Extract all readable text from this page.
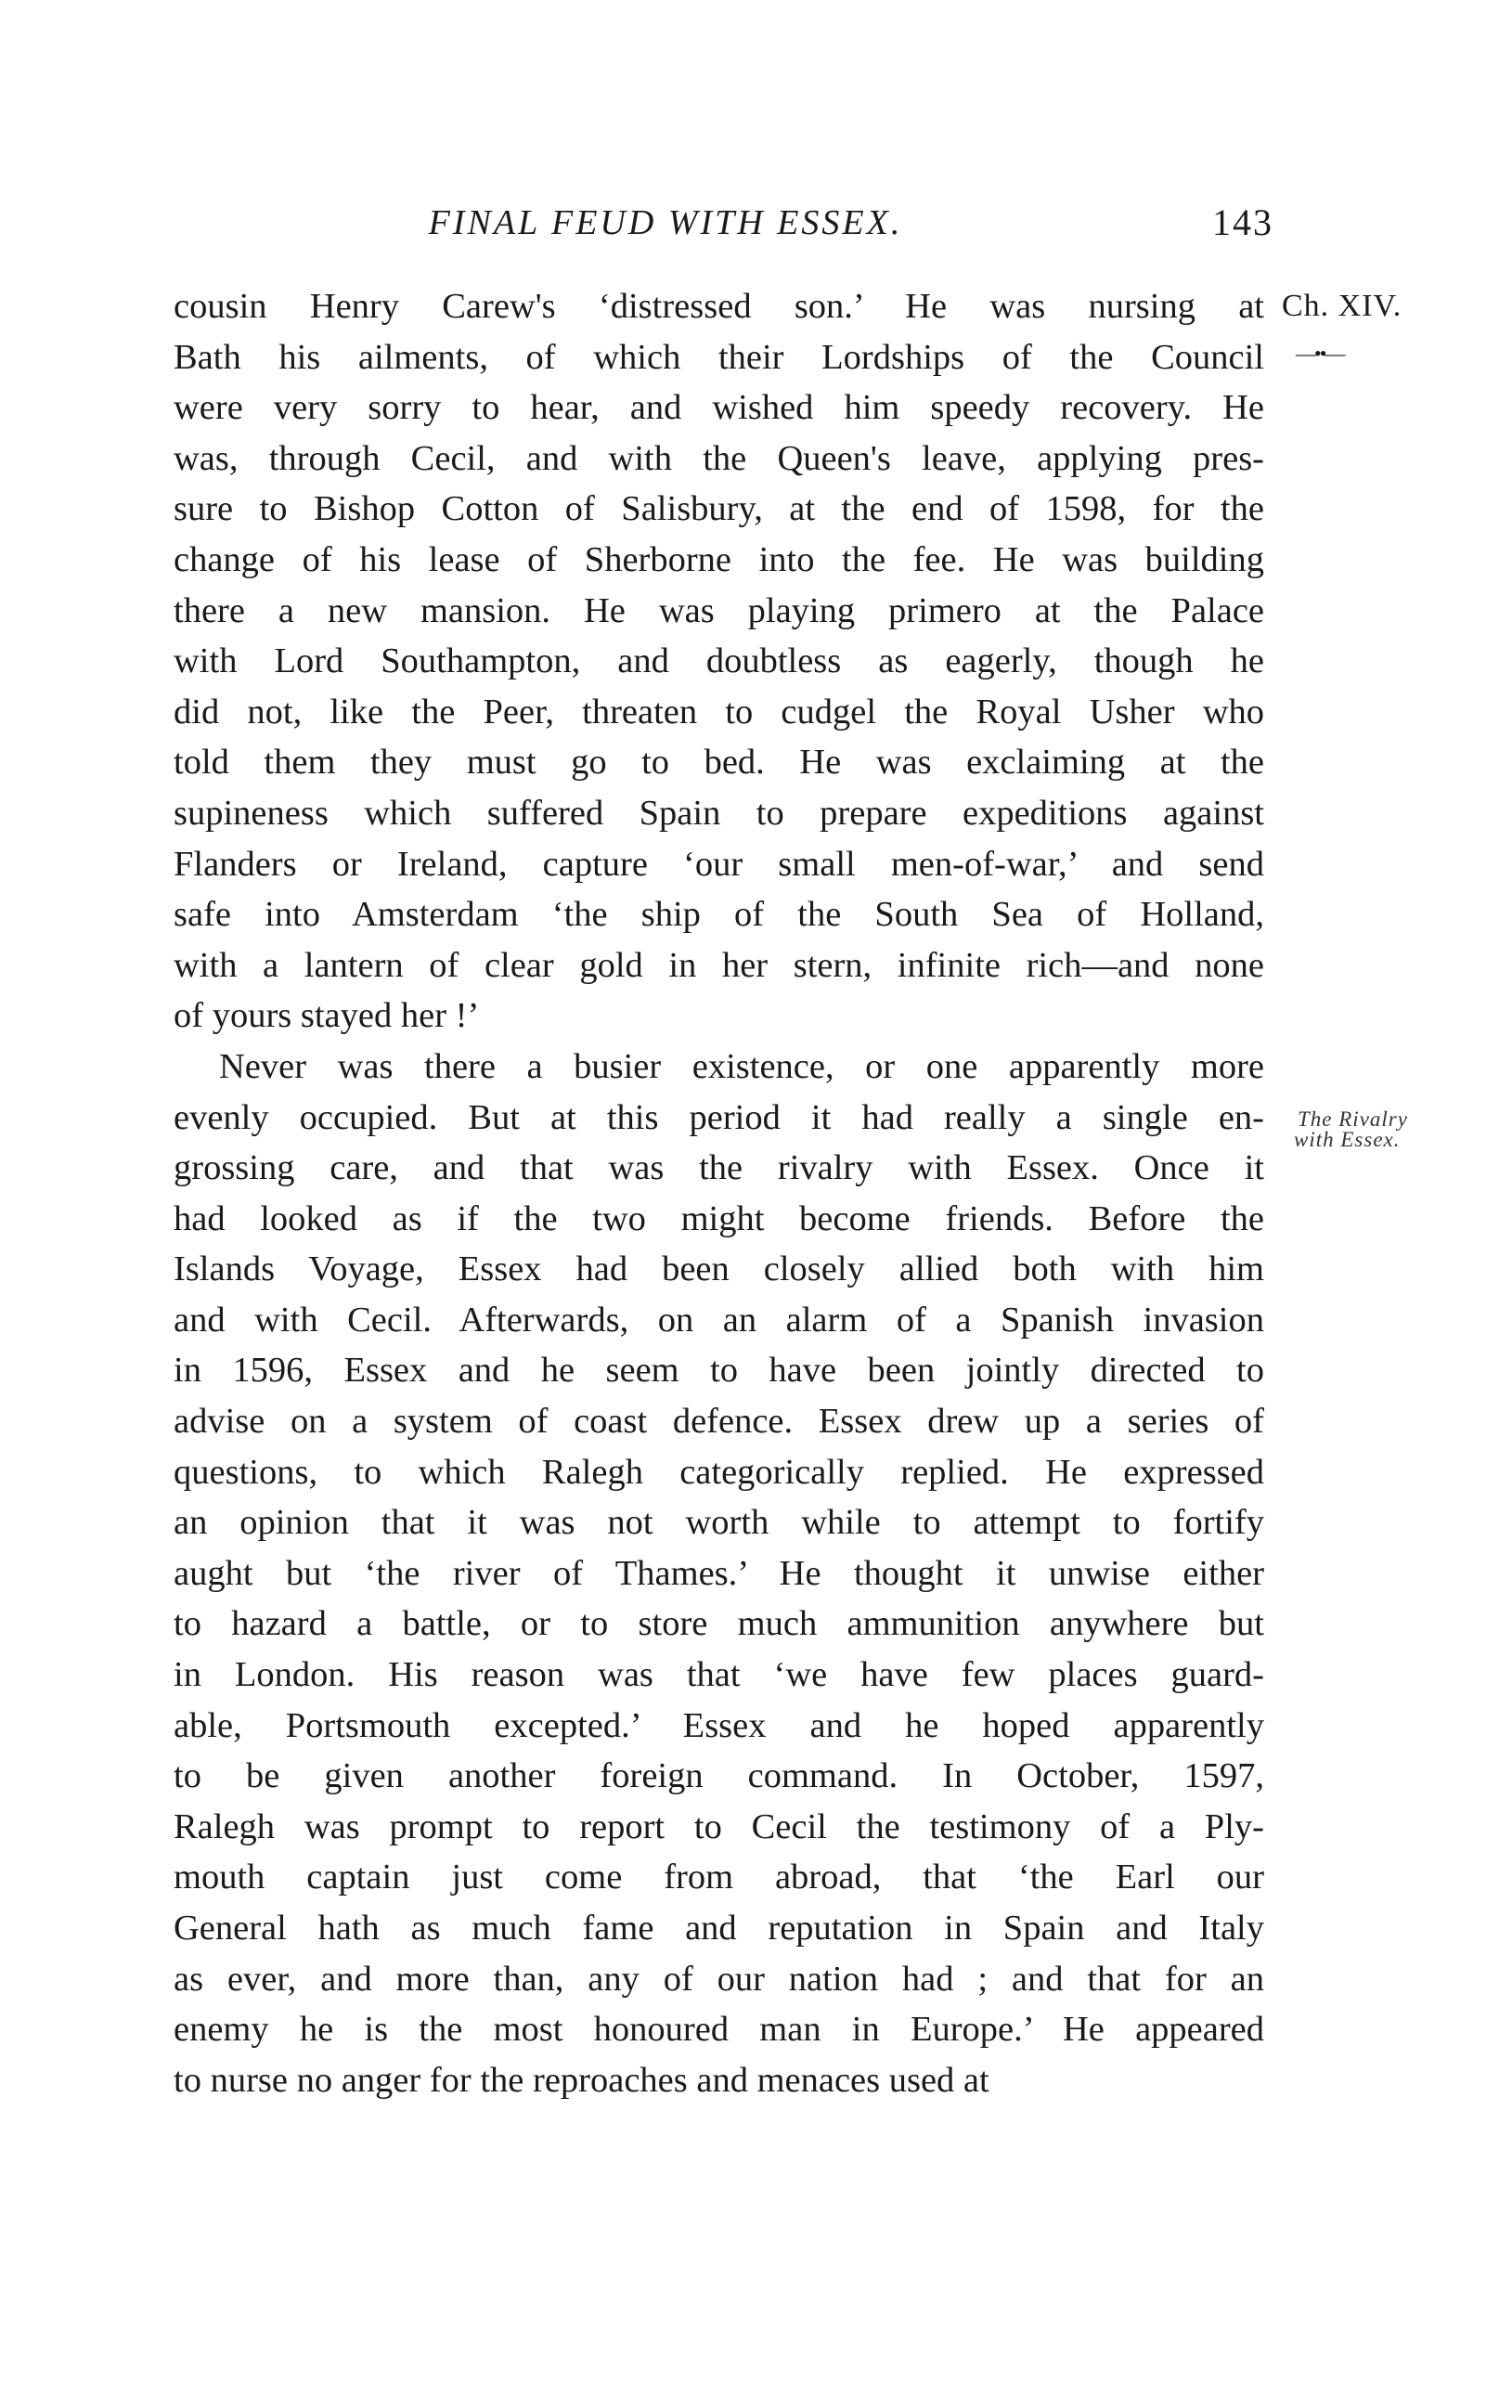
FINAL FEUD WITH ESSEX.	143
Ch. XIV.
—••—
The Rivalry
with Essex.
cousin Henry Carew's ‘distressed son.’ He was nursing at
Bath his ailments, of which their Lordships of the Council
were very sorry to hear, and wished him speedy recovery. He
was, through Cecil, and with the Queen's leave, applying pres-
sure to Bishop Cotton of Salisbury, at the end of 1598, for the
change of his lease of Sherborne into the fee. He was building
there a new mansion. He was playing primero at the Palace
with Lord Southampton, and doubtless as eagerly, though he
did not, like the Peer, threaten to cudgel the Royal Usher who
told them they must go to bed. He was exclaiming at the
supineness which suffered Spain to prepare expeditions against
Flanders or Ireland, capture ‘our small men-of-war,’ and send
safe into Amsterdam ‘the ship of the South Sea of Holland,
with a lantern of clear gold in her stern, infinite rich—and none
of yours stayed her !’
Never was there a busier existence, or one apparently more
evenly occupied. But at this period it had really a single en-
grossing care, and that was the rivalry with Essex. Once it
had looked as if the two might become friends. Before the
Islands Voyage, Essex had been closely allied both with him
and with Cecil. Afterwards, on an alarm of a Spanish invasion
in 1596, Essex and he seem to have been jointly directed to
advise on a system of coast defence. Essex drew up a series of
questions, to which Ralegh categorically replied. He expressed
an opinion that it was not worth while to attempt to fortify
aught but ‘the river of Thames.’ He thought it unwise either
to hazard a battle, or to store much ammunition anywhere but
in London. His reason was that ‘we have few places guard-
able, Portsmouth excepted.’ Essex and he hoped apparently
to be given another foreign command. In October, 1597,
Ralegh was prompt to report to Cecil the testimony of a Ply-
mouth captain just come from abroad, that ‘the Earl our
General hath as much fame and reputation in Spain and Italy
as ever, and more than, any of our nation had ; and that for an
enemy he is the most honoured man in Europe.’ He appeared
to nurse no anger for the reproaches and menaces used at
